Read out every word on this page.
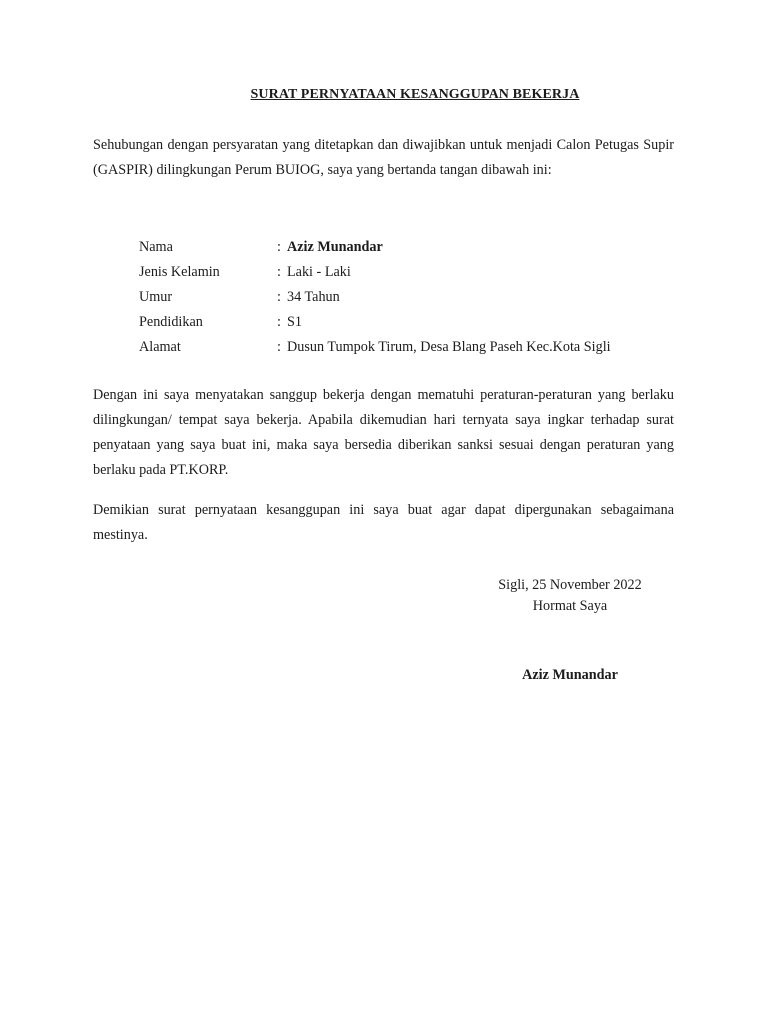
SURAT PERNYATAAN KESANGGUPAN BEKERJA

Sehubungan dengan persyaratan yang ditetapkan dan diwajibkan untuk menjadi Calon Petugas Supir (GASPIR) dilingkungan Perum BUIOG, saya yang bertanda tangan dibawah ini:

Nama	: Aziz Munandar
Jenis Kelamin	: Laki - Laki
Umur	: 34 Tahun
Pendidikan	: S1
Alamat	: Dusun Tumpok Tirum, Desa Blang Paseh Kec.Kota Sigli

Dengan ini saya menyatakan sanggup bekerja dengan mematuhi peraturan-peraturan yang berlaku dilingkungan/ tempat saya bekerja. Apabila dikemudian hari ternyata saya ingkar terhadap surat penyataan yang saya buat ini, maka saya bersedia diberikan sanksi sesuai dengan peraturan yang berlaku pada PT.KORP.

Demikian surat pernyataan kesanggupan ini saya buat agar dapat dipergunakan sebagaimana mestinya.

Sigli, 25 November 2022

Hormat Saya

Aziz Munandar
